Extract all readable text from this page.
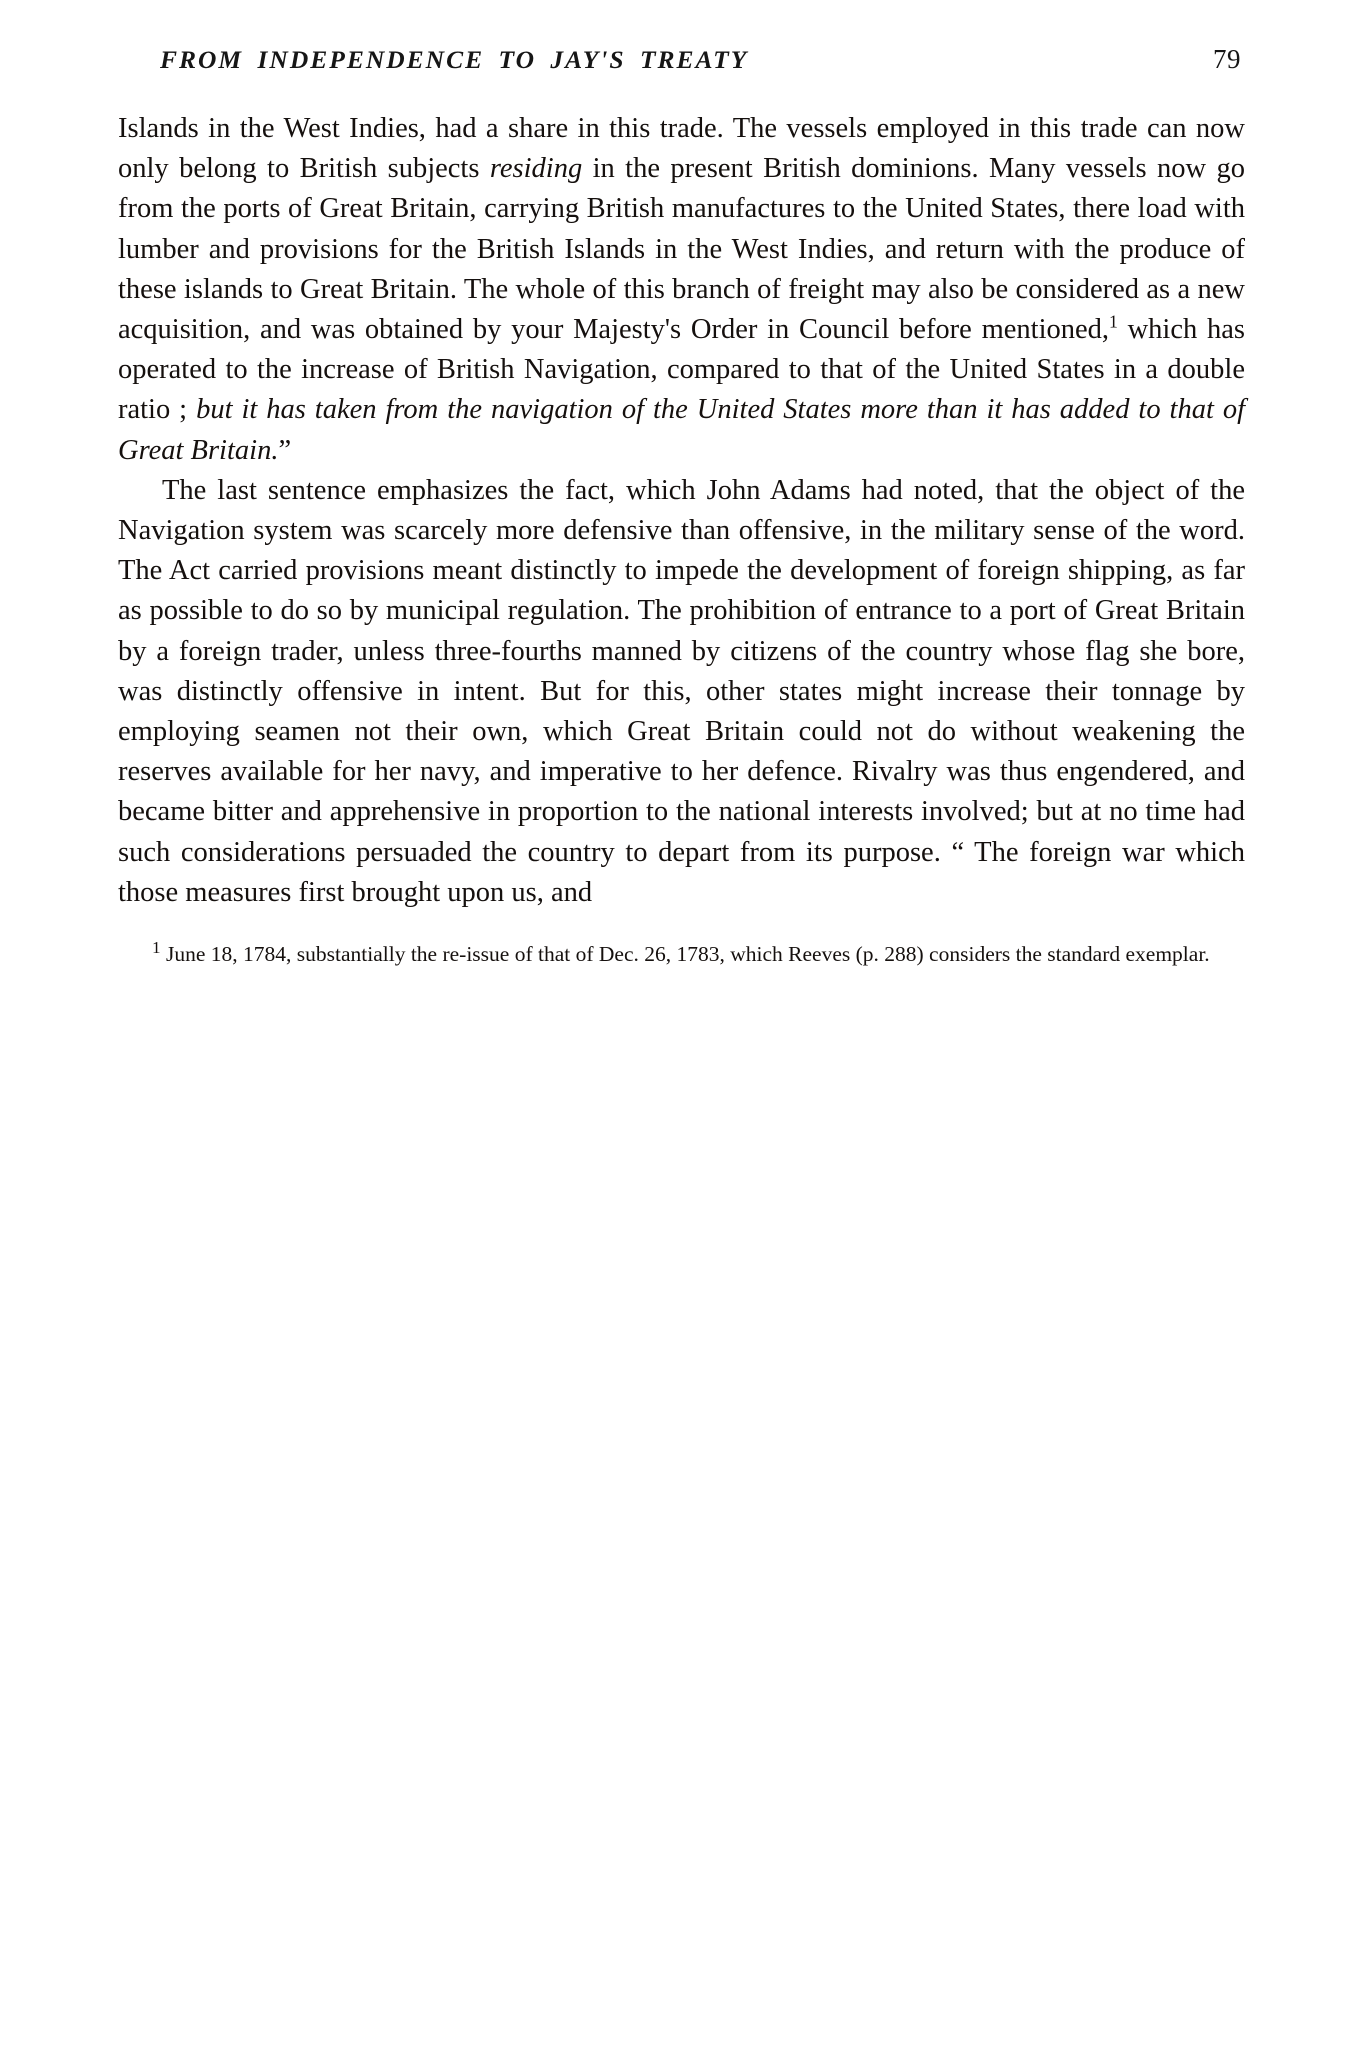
FROM INDEPENDENCE TO JAY'S TREATY	79

Islands in the West Indies, had a share in this trade. The vessels employed in this trade can now only belong to British subjects residing in the present British dominions. Many vessels now go from the ports of Great Britain, carrying British manufactures to the United States, there load with lumber and provisions for the British Islands in the West Indies, and return with the produce of these islands to Great Britain. The whole of this branch of freight may also be considered as a new acquisition, and was obtained by your Majesty's Order in Council before mentioned,$^1$ which has operated to the increase of British Navigation, compared to that of the United States in a double ratio ; but it has taken from the navigation of the United States more than it has added to that of Great Britain.”

The last sentence emphasizes the fact, which John Adams had noted, that the object of the Navigation system was scarcely more defensive than offensive, in the military sense of the word. The Act carried provisions meant distinctly to impede the development of foreign shipping, as far as possible to do so by municipal regulation. The prohibition of entrance to a port of Great Britain by a foreign trader, unless three-fourths manned by citizens of the country whose flag she bore, was distinctly offensive in intent. But for this, other states might increase their tonnage by employing seamen not their own, which Great Britain could not do without weakening the reserves available for her navy, and imperative to her defence. Rivalry was thus engendered, and became bitter and apprehensive in proportion to the national interests involved; but at no time had such considerations persuaded the country to depart from its purpose. “ The foreign war which those measures first brought upon us, and

$^1$ June 18, 1784, substantially the re-issue of that of Dec. 26, 1783, which Reeves (p. 288) considers the standard exemplar.
